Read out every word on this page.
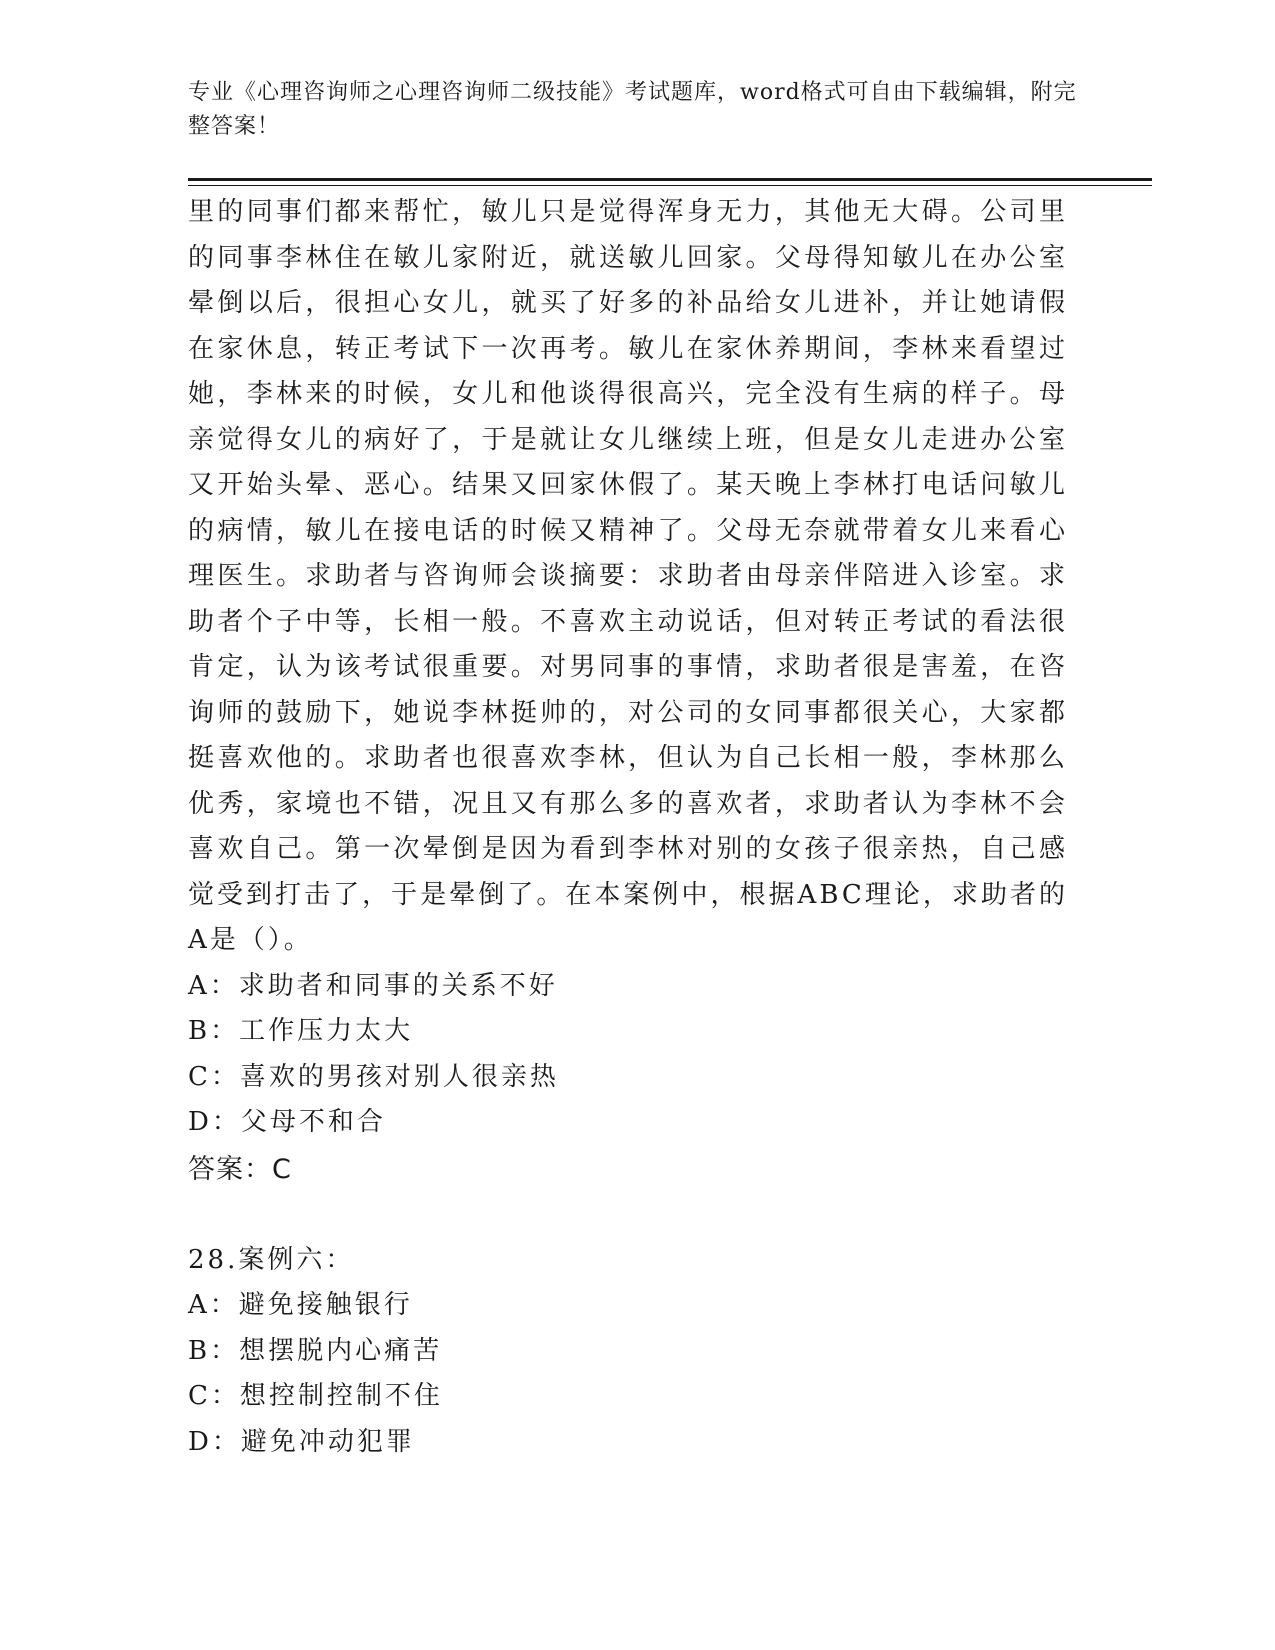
专业《心理咨询师之心理咨询师二级技能》考试题库，word格式可自由下载编辑，附完整答案！

里的同事们都来帮忙，敏儿只是觉得浑身无力，其他无大碍。公司里的同事李林住在敏儿家附近，就送敏儿回家。父母得知敏儿在办公室晕倒以后，很担心女儿，就买了好多的补品给女儿进补，并让她请假在家休息，转正考试下一次再考。敏儿在家休养期间，李林来看望过她，李林来的时候，女儿和他谈得很高兴，完全没有生病的样子。母亲觉得女儿的病好了，于是就让女儿继续上班，但是女儿走进办公室又开始头晕、恶心。结果又回家休假了。某天晚上李林打电话问敏儿的病情，敏儿在接电话的时候又精神了。父母无奈就带着女儿来看心理医生。求助者与咨询师会谈摘要：求助者由母亲伴陪进入诊室。求助者个子中等，长相一般。不喜欢主动说话，但对转正考试的看法很肯定，认为该考试很重要。对男同事的事情，求助者很是害羞，在咨询师的鼓励下，她说李林挺帅的，对公司的女同事都很关心，大家都挺喜欢他的。求助者也很喜欢李林，但认为自己长相一般，李林那么优秀，家境也不错，况且又有那么多的喜欢者，求助者认为李林不会喜欢自己。第一次晕倒是因为看到李林对别的女孩子很亲热，自己感觉受到打击了，于是晕倒了。在本案例中，根据ABC理论，求助者的A是（）。

A：求助者和同事的关系不好
B：工作压力太大
C：喜欢的男孩对别人很亲热
D：父母不和合
答案：C
28.案例六：
A：避免接触银行
B：想摆脱内心痛苦
C：想控制控制不住
D：避免冲动犯罪
